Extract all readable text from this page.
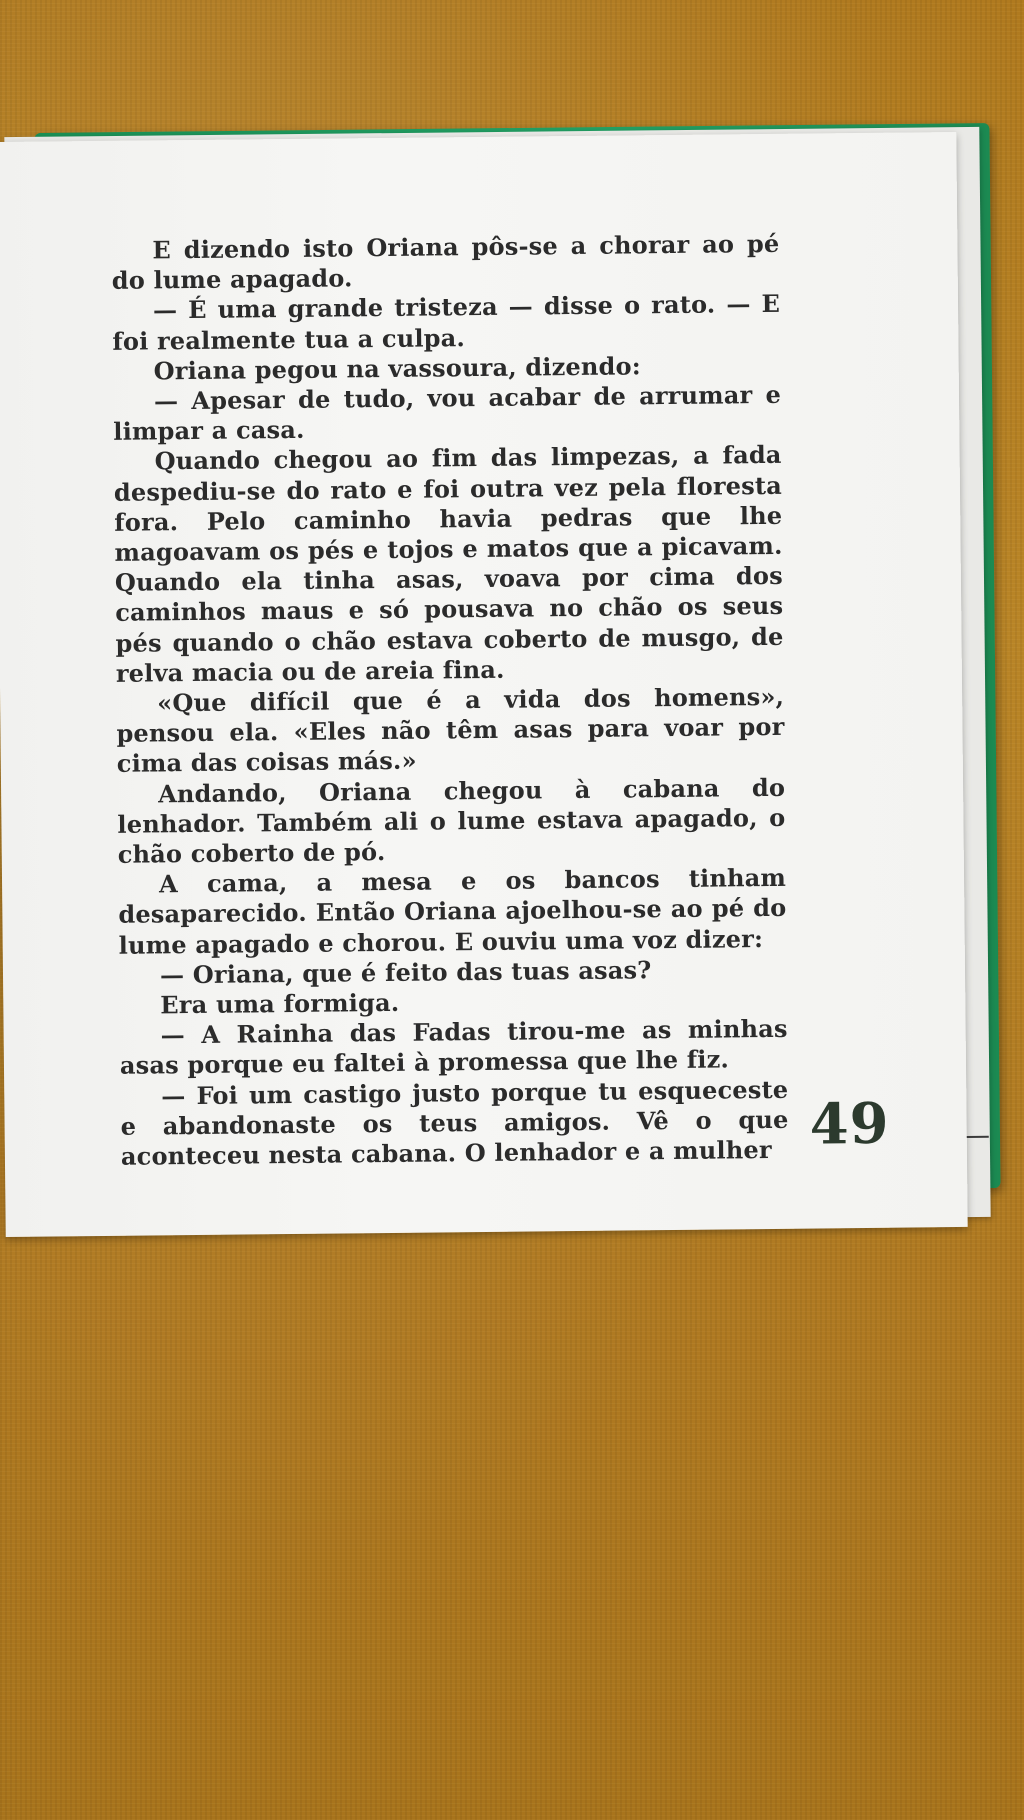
E dizendo isto Oriana pôs-se a chorar ao pé do lume apagado.

— É uma grande tristeza — disse o rato. — E foi realmente tua a culpa.

Oriana pegou na vassoura, dizendo:

— Apesar de tudo, vou acabar de arrumar e limpar a casa.

Quando chegou ao fim das limpezas, a fada despediu-se do rato e foi outra vez pela floresta fora. Pelo caminho havia pedras que lhe magoavam os pés e tojos e matos que a picavam. Quando ela tinha asas, voava por cima dos caminhos maus e só pousava no chão os seus pés quando o chão estava coberto de musgo, de relva macia ou de areia fina.

«Que difícil que é a vida dos homens», pensou ela. «Eles não têm asas para voar por cima das coisas más.»

Andando, Oriana chegou à cabana do lenhador. Também ali o lume estava apagado, o chão coberto de pó.

A cama, a mesa e os bancos tinham desaparecido. Então Oriana ajoelhou-se ao pé do lume apagado e chorou. E ouviu uma voz dizer:

— Oriana, que é feito das tuas asas?

Era uma formiga.

— A Rainha das Fadas tirou-me as minhas asas porque eu faltei à promessa que lhe fiz.

— Foi um castigo justo porque tu esqueceste e abandonaste os teus amigos. Vê o que aconteceu nesta cabana. O lenhador e a mulher 49
